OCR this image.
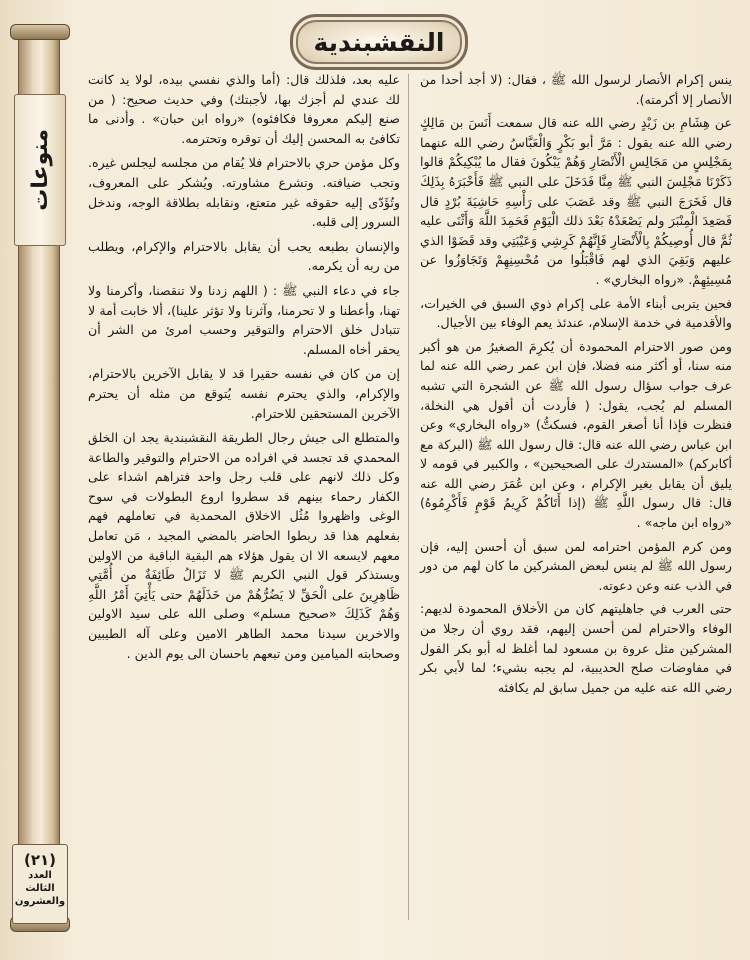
النقشبندية
منوعات
(٢١)
العدد
الثالث
والعشرون

ينس إكرام الأنصار لرسول الله ﷺ ، فقال: (لا أجد أحدا من الأنصار إلا أكرمته).

عن هِشَامِ بن زَيْدٍ رضي الله عنه قال سمعت أَنَسَ بن مَالِكٍ رضي الله عنه يقول : مَرَّ أبو بَكْرٍ وَالْعَبَّاسُ رضي الله عنهما بِمَجْلِسٍ من مَجَالِسِ الْأَنْصَارِ وَهُمْ يَبْكُونَ فقال ما يُبْكِيكُمْ قالوا ذَكَرْنَا مَجْلِسَ النبي ﷺ مِنَّا فَدَخَلَ على النبي ﷺ فَأَخْبَرَهُ بِذَلِكَ قال فَخَرَجَ النبي ﷺ وقد عَصَبَ على رَأْسِهِ حَاشِيَةَ بُرْدٍ قال فَصَعِدَ الْمِنْبَرَ ولم يَصْعَدْهُ بَعْدَ ذلك الْيَوْمِ فَحَمِدَ اللَّهَ وَأَثْنَى عليه ثُمَّ قال أُوصِيكُمْ بِالْأَنْصَارِ فَإِنَّهُمْ كَرِشِي وَعَيْبَتِي وقد قَضَوْا الذي عليهم وَبَقِيَ الذي لهم فَاقْبَلُوا من مُحْسِنِهِمْ وَتَجَاوَزُوا عن مُسِيئِهِمْ. «رواه البخاري» .

فحين يتربى أبناء الأمة على إكرام ذوي السبق في الخيرات، والأقدمية في خدمة الإسلام، عندئذ يعم الوفاء بين الأجيال.

ومن صور الاحترام المحمودة أن يُكرِمَ الصغيرُ من هو أكبر منه سنا، أو أكثر منه فضلا، فإن ابن عمر رضي الله عنه لما عرف جواب سؤال رسول الله ﷺ عن الشجرة التي تشبه المسلم لم يُجب، يقول: ( فأردت أن أقول هي النخلة، فنظرت فإذا أنا أصغر القوم، فسكتُّ) «رواه البخاري» وعن ابن عباس رضي الله عنه قال: قال رسول الله ﷺ (البركة مع أكابركم) «المستدرك على الصحيحين» ، والكبير في قومه لا يليق أن يقابل بغير الإكرام ، وعن ابن عُمَرَ رضي الله عنه قال: قال رسول اللَّهِ ﷺ (إذا أَتَاكُمْ كَرِيمُ قَوْمٍ فَأَكْرِمُوهُ) «رواه ابن ماجه» .

ومن كرم المؤمن احترامه لمن سبق أن أحسن إليه، فإن رسول الله ﷺ لم ينس لبعض المشركين ما كان لهم من دور في الذب عنه وعن دعوته.

حتى العرب في جاهليتهم كان من الأخلاق المحمودة لديهم: الوفاء والاحترام لمن أحسن إليهم، فقد روي أن رجلا من المشركين مثل عروة بن مسعود لما أغلظ له أبو بكر القول في مفاوضات صلح الحديبية، لم يجبه بشيء؛ لما لأبي بكر رضي الله عنه عليه من جميل سابق لم يكافئه

عليه بعد، فلذلك قال: (أما والذي نفسي بيده، لولا يد كانت لك عندي لم أجزك بها، لأجبتك) وفي حديث صحيح: ( من صنع إليكم معروفا فكافئوه) «رواه ابن حبان» . وأدنى ما تكافئ به المحسن إليك أن توقره وتحترمه.

وكل مؤمن حري بالاحترام فلا يُقام من مجلسه ليجلس غيره. وتجب ضيافته. وتشرع مشاورته. ويُشكر على المعروف، وتُؤَدّى إليه حقوقه غير متعتع، ونقابله بطلاقة الوجه، وندخل السرور إلى قلبه.

والإنسان بطبعه يحب أن يقابل بالاحترام والإكرام، ويطلب من ربه أن يكرمه.

جاء في دعاء النبي ﷺ : ( اللهم زدنا ولا تنقصنا، وأكرمنا ولا تهنا، وأعطنا و لا تحرمنا، وآثرنا ولا تؤثر علينا)، ألا خابت أمة لا تتبادل خلق الاحترام والتوقير وحسب امرئ من الشر أن يحقر أخاه المسلم.

إن من كان في نفسه حقيرا قد لا يقابل الآخرين بالاحترام، والإكرام، والذي يحترم نفسه يُتوقع من مثله أن يحترم الآخرين المستحقين للاحترام.

والمتطلع الى جيش رجال الطريقة النقشبندية يجد ان الخلق المحمدي قد تجسد في افراده من الاحترام والتوقير والطاعة وكل ذلك لانهم على قلب رجل واحد فتراهم اشداء على الكفار رحماء بينهم قد سطروا اروع البطولات في سوح الوغى واظهروا مُثُل الاخلاق المحمدية في تعاملهم فهم بفعلهم هذا قد ربطوا الحاضر بالمضي المجيد ، مَن تعامل معهم لايسعه الا ان يقول هؤلاء هم البقية الباقية من الاولين ويستذكر قول النبي الكريم ﷺ لا تَزَالُ طَائِفَةٌ من أُمَّتِي ظَاهِرِينَ على الْحَقِّ لا يَضُرُّهُمْ من خَذَلَهُمْ حتى يَأْتِيَ أَمْرُ اللَّهِ وَهُمْ كَذَلِكَ «صحيح مسلم» وصلى الله على سيد الاولين والاخرين سيدنا محمد الطاهر الامين وعلى آله الطيبين وصحابته الميامين ومن تبعهم باحسان الى يوم الدين .
